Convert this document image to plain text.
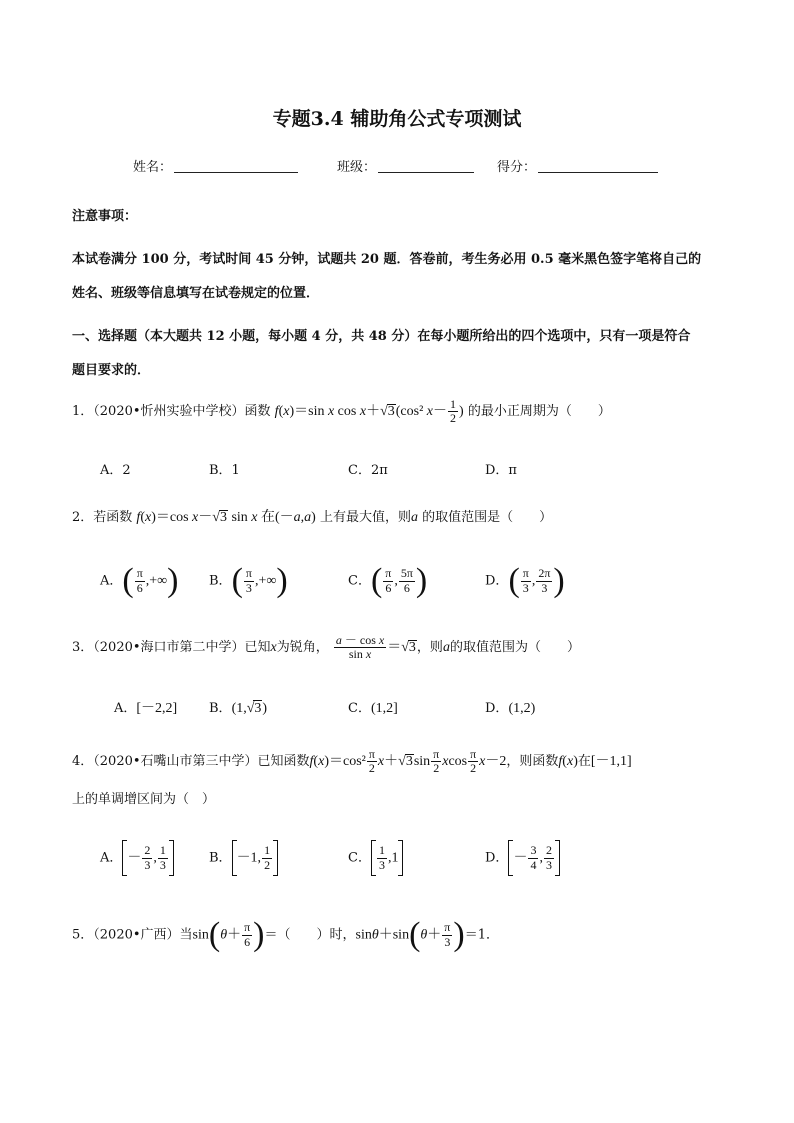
专题3.4 辅助角公式专项测试
姓名：	班级：	得分：
注意事项：
本试卷满分 100 分，考试时间 45 分钟，试题共 20 题．答卷前，考生务必用 0.5 毫米黑色签字笔将自己的
姓名、班级等信息填写在试卷规定的位置．
一、选择题（本大题共 12 小题，每小题 4 分，共 48 分）在每小题所给出的四个选项中，只有一项是符合
题目要求的．
1．（2020•忻州实验中学校）函数 f(x)＝sin x cos x＋√3(cos² $x- \frac{1}{2}$ ) 的最小正周期为（　　）
A．2	B．1	C．2π	D．π
2．若函数 f(x)＝cos x－√3 sin x 在(－a,a) 上有最大值，则a 的取值范围是（　　）
A．( $\frac{\pi}{6}$ ,+∞) B．( $\frac{\pi}{3}$ ,+∞)	C．( $\frac{\pi}{6}$ , $\frac{5\pi}{6}$ )	D．( $\frac{\pi}{3}$ , $\frac{2\pi}{3}$ )
3．（2020•海口市第二中学）已知x为锐角， $\frac{\text{a － cos x}}{\text{sin x}} =√3$，则a的取值范围为（　　）
A．[－2,2] B．(1,√3)	C．(1,2]	D．(1,2)
4．（2020•石嘴山市第三中学）已知函数$f(x)=\cos^2 \frac{\pi}{2} x+√3\sin \frac{\pi}{2}$ xcos $\frac{\pi}{2} x-2$，则函数f(x)在[－1,1]
上的单调增区间为（　）
A． － $\frac{2}{3}$ , $\frac{1}{3}$	B． －1, $\frac{1}{2}$	C． $\frac{1}{3} ,1$	D． － $\frac{3}{4}$ , $\frac{2}{3}$
5．（2020•广西）当$\sin(\theta+ \frac{\pi}{6}$ )＝（　　）时，$\sin\theta+\sin(\theta+ \frac{\pi}{3} )=1$．
